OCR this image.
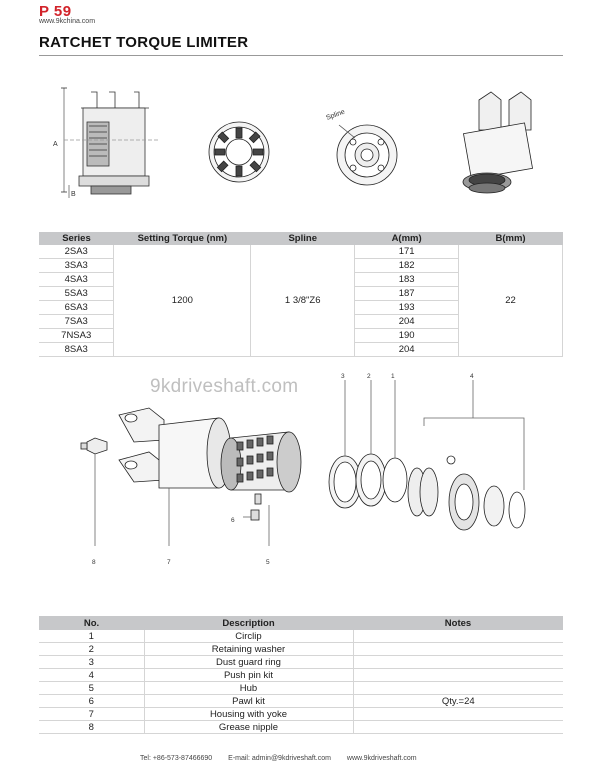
P 59
www.9kchina.com
RATCHET TORQUE LIMITER
A
B
Spline
Series	Setting Torque (nm)	Spline	A(mm)	B(mm)
2SA3	1200	1 3/8"Z6	171	22
3SA3			182	
4SA3			183	
5SA3			187	
6SA3			193	
7SA3			204	
7NSA3			190	
8SA3			204	
3	2	1	4
6
8	7	5
9kdriveshaft.com
No.	Description	Notes
1	Circlip	
2	Retaining washer	
3	Dust guard ring	
4	Push pin kit	
5	Hub	
6	Pawl kit	Qty.=24
7	Housing with yoke	
8	Grease nipple	
Tel: +86-573-87466690 E-mail: admin@9kdriveshaft.com www.9kdriveshaft.com
